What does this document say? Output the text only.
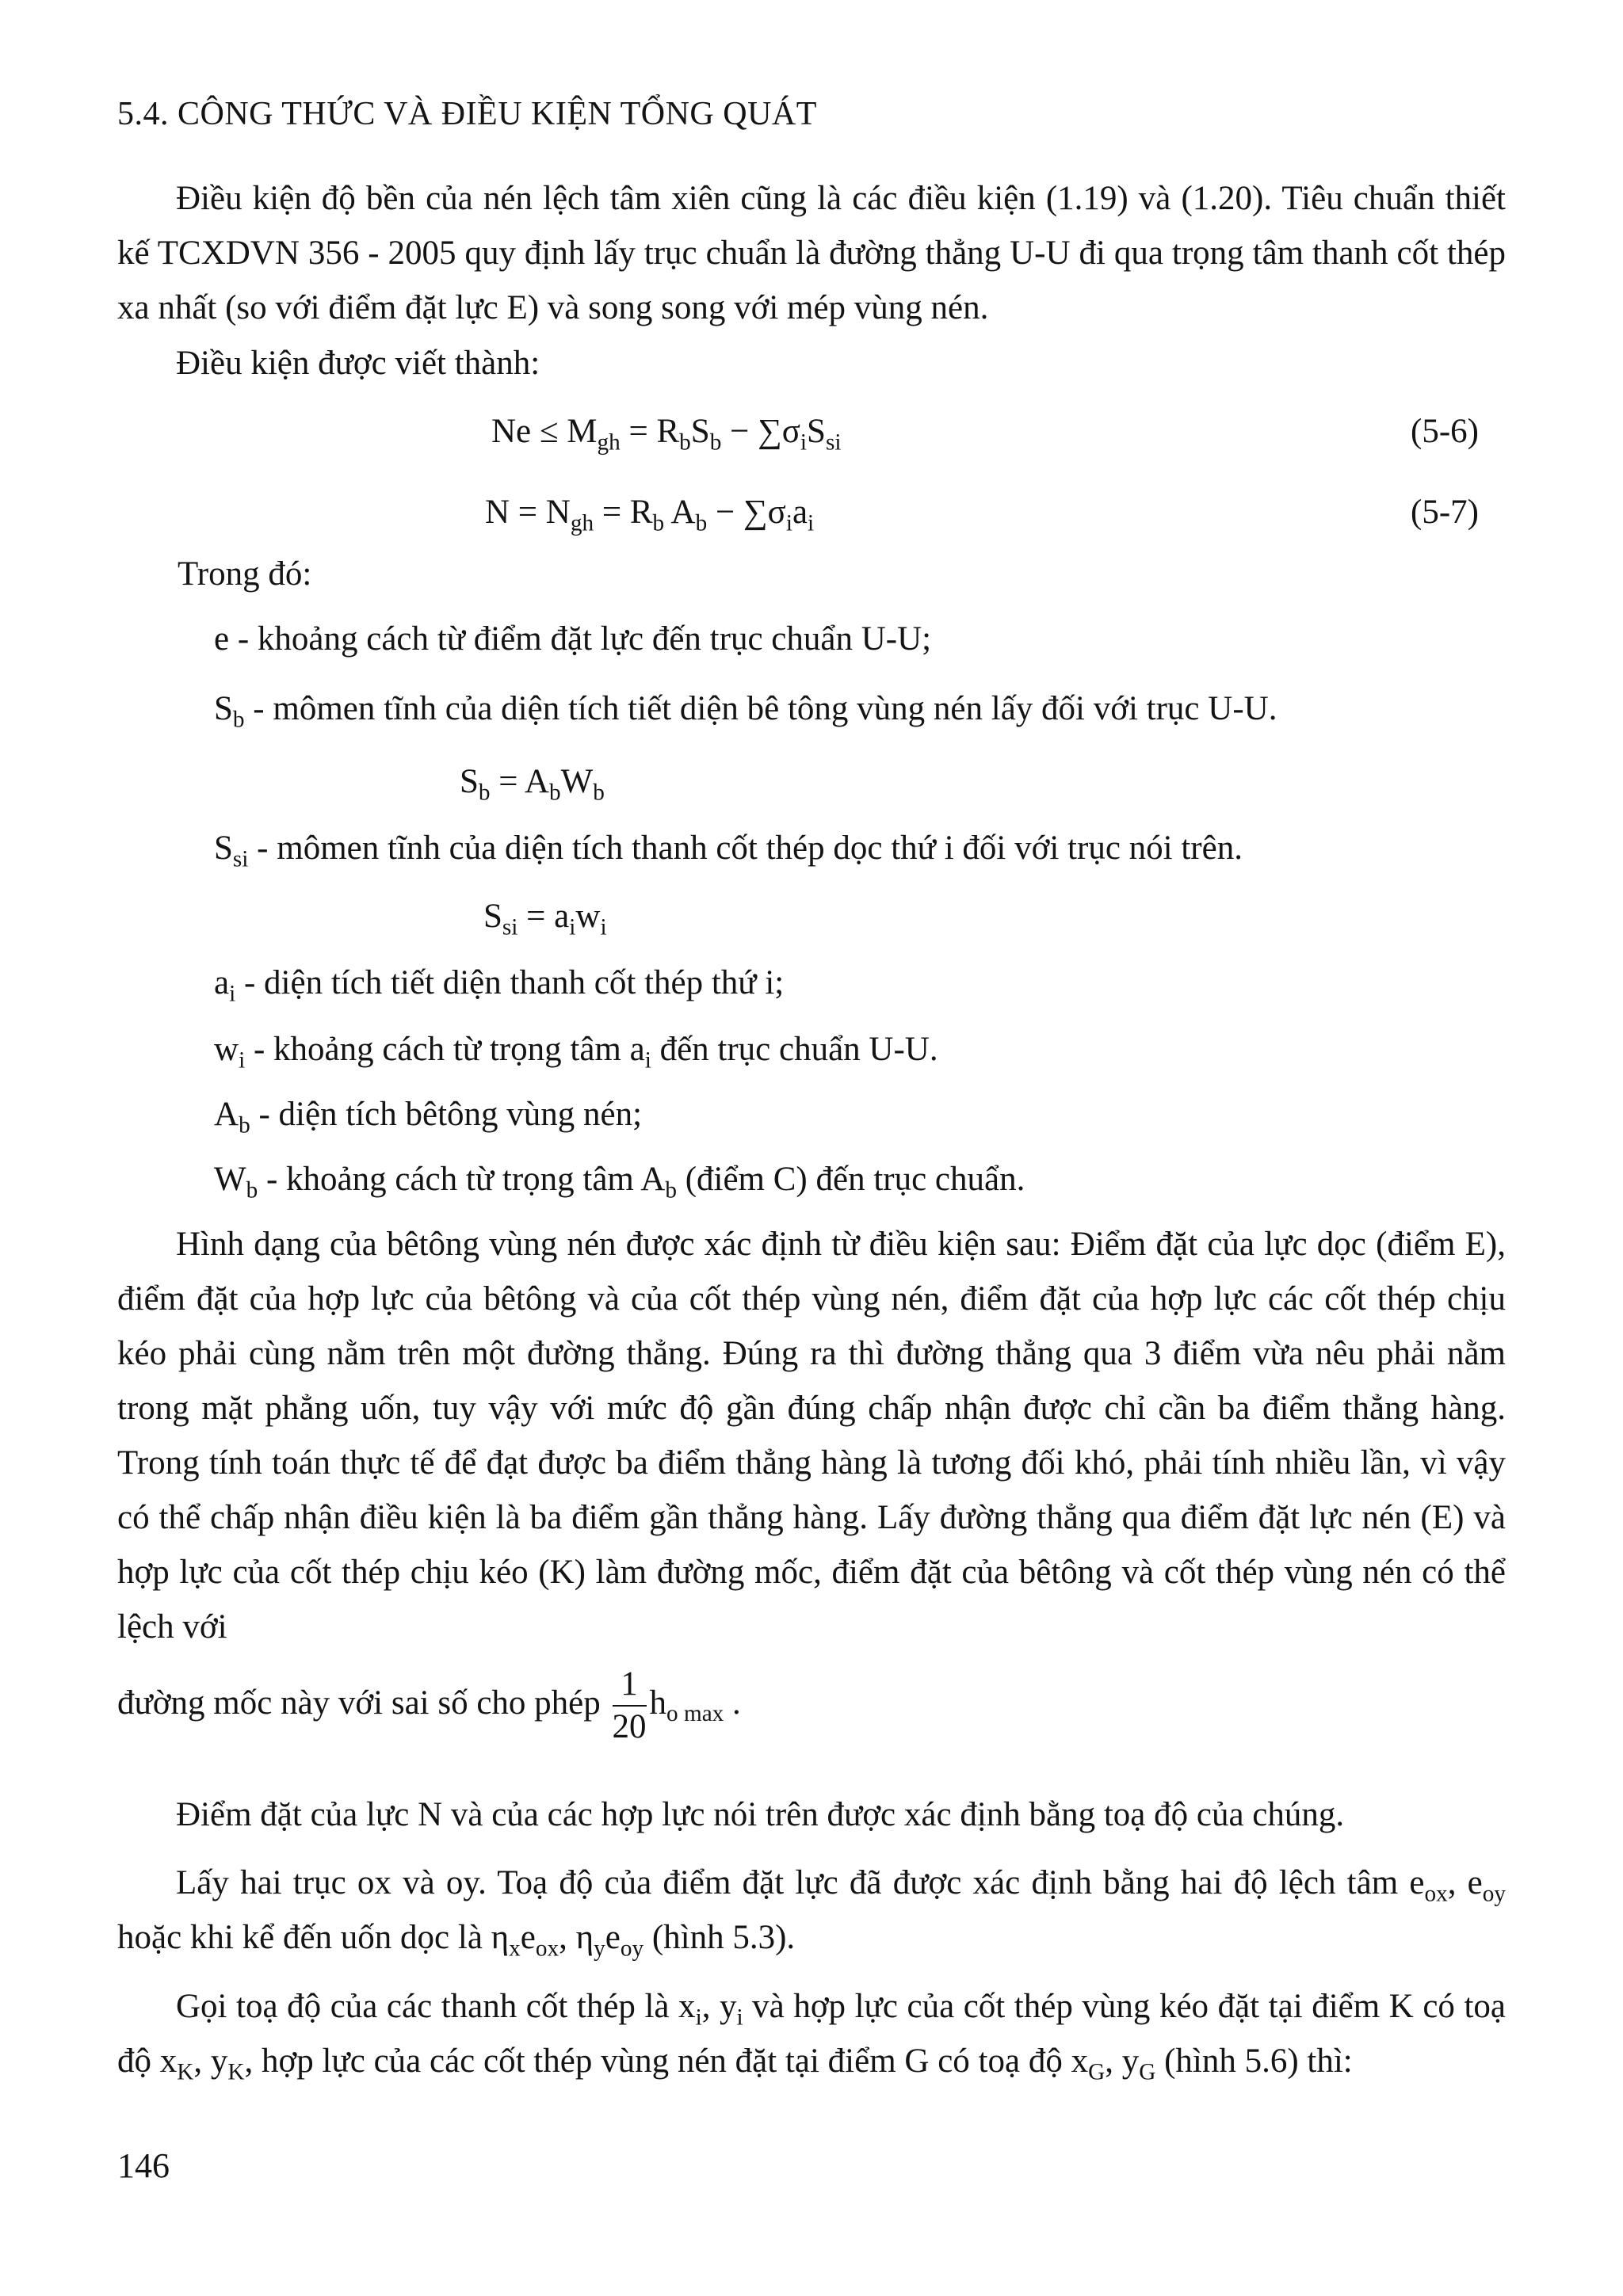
5.4. CÔNG THỨC VÀ ĐIỀU KIỆN TỔNG QUÁT

Điều kiện độ bền của nén lệch tâm xiên cũng là các điều kiện (1.19) và (1.20). Tiêu chuẩn thiết kế TCXDVN 356 - 2005 quy định lấy trục chuẩn là đường thẳng U-U đi qua trọng tâm thanh cốt thép xa nhất (so với điểm đặt lực E) và song song với mép vùng nén.

Điều kiện được viết thành:

$Ne \le M_{gh} = R_bS_b - \sum\sigma_iS_{si}$	(5-6)
$N = N_{gh} = R_b$ $A_b - \sum\sigma_ia_i$	(5-7)
Trong đó:
e - khoảng cách từ điểm đặt lực đến trục chuẩn U-U;
$S_b$ - mômen tĩnh của diện tích tiết diện bê tông vùng nén lấy đối với trục U-U.
$S_b = A_bW_b$
$S_{si}$ - mômen tĩnh của diện tích thanh cốt thép dọc thứ i đối với trục nói trên.
$S_{si} = a_iw_i$
$a_i$ - diện tích tiết diện thanh cốt thép thứ i;
$w_i$ - khoảng cách từ trọng tâm $a_i$ đến trục chuẩn U-U.
$A_b$ - diện tích bêtông vùng nén;
$W_b$ - khoảng cách từ trọng tâm $A_b$ (điểm C) đến trục chuẩn.

Hình dạng của bêtông vùng nén được xác định từ điều kiện sau: Điểm đặt của lực dọc (điểm E), điểm đặt của hợp lực của bêtông và của cốt thép vùng nén, điểm đặt của hợp lực các cốt thép chịu kéo phải cùng nằm trên một đường thẳng. Đúng ra thì đường thẳng qua 3 điểm vừa nêu phải nằm trong mặt phẳng uốn, tuy vậy với mức độ gần đúng chấp nhận được chỉ cần ba điểm thẳng hàng. Trong tính toán thực tế để đạt được ba điểm thẳng hàng là tương đối khó, phải tính nhiều lần, vì vậy có thể chấp nhận điều kiện là ba điểm gần thẳng hàng. Lấy đường thẳng qua điểm đặt lực nén (E) và hợp lực của cốt thép chịu kéo (K) làm đường mốc, điểm đặt của bêtông và cốt thép vùng nén có thể lệch với

đường mốc này với sai số cho phép $\frac{1}{20} h_{o max}$ .

Điểm đặt của lực N và của các hợp lực nói trên được xác định bằng toạ độ của chúng.

Lấy hai trục ox và oy. Toạ độ của điểm đặt lực đã được xác định bằng hai độ lệch tâm $e_{ox}$, $e_{oy}$ hoặc khi kể đến uốn dọc là $\eta_xe_{ox}$, $\eta_ye_{oy}$ (hình 5.3).

Gọi toạ độ của các thanh cốt thép là $x_i$, $y_i$ và hợp lực của cốt thép vùng kéo đặt tại điểm K có toạ độ $x_K$, $y_K$, hợp lực của các cốt thép vùng nén đặt tại điểm G có toạ độ $x_G$, $y_G$ (hình 5.6) thì:

146
